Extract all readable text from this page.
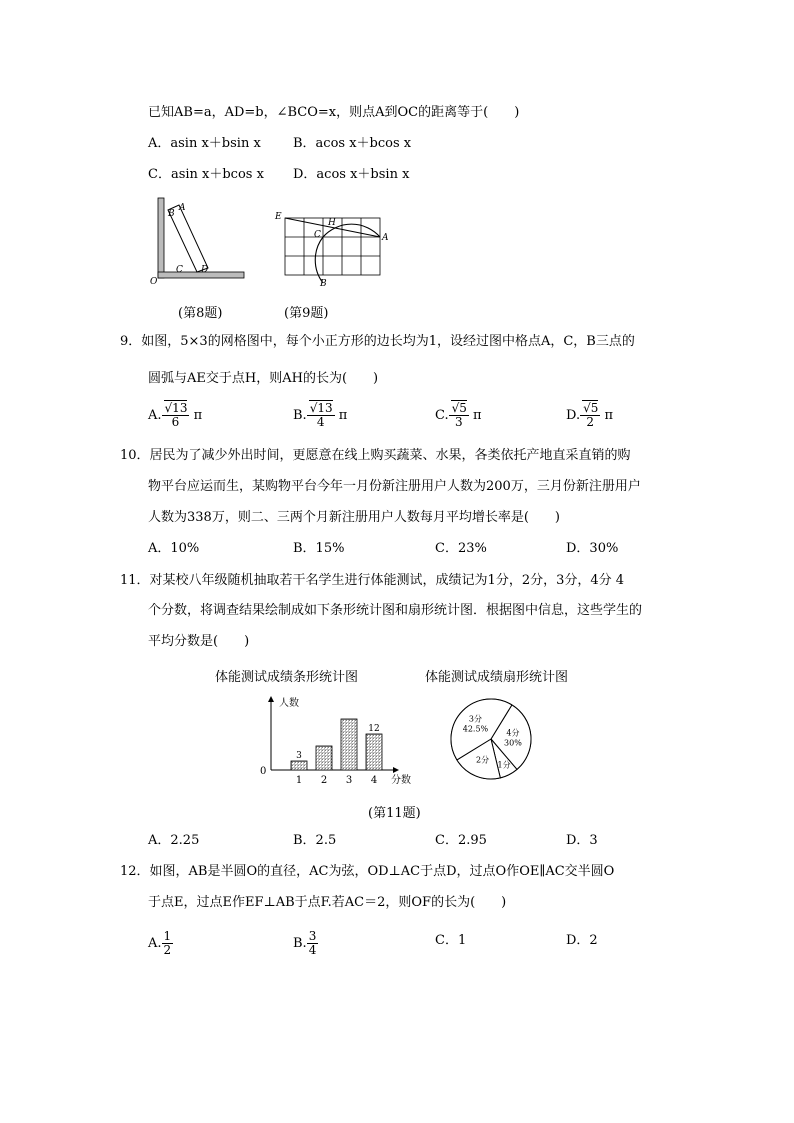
已知AB=a，AD=b，∠BCO=x，则点A到OC的距离等于(　　)
A．asin x＋bsin x B．acos x＋bcos x
C．asin x＋bcos x D．acos x＋bsin x
B
A
O
C D
E
H
C	A
B
(第8题)	(第9题)
9．如图，5×3的网格图中，每个小正方形的边长均为1，设经过图中格点A，C，B三点的
圆弧与AE交于点H，则AH的长为(　　)
A. $\frac{√13}{6}$ π	B. $\frac{√13}{4}$ π	C. $\frac{√5}{3}$ π	D. $\frac{√5}{2}$ π
10．居民为了减少外出时间，更愿意在线上购买蔬菜、水果，各类依托产地直采直销的购
物平台应运而生，某购物平台今年一月份新注册用户人数为200万，三月份新注册用户
人数为338万，则二、三两个月新注册用户人数每月平均增长率是(　　)
A．10%	B．15%	C．23%	D．30%
11．对某校八年级随机抽取若干名学生进行体能测试，成绩记为1分，2分，3分，4分 4
个分数，将调查结果绘制成如下条形统计图和扇形统计图．根据图中信息，这些学生的
平均分数是(　　)
体能测试成绩条形统计图	体能测试成绩扇形统计图
人数
分数
0
1
3
2 3 4
12	4分
30%
1分
2分
3分
42.5%
(第11题)
A．2.25	B．2.5	C．2.95	D．3
12．如图，AB是半圆O的直径，AC为弦，OD⊥AC于点D，过点O作OE∥AC交半圆O
于点E，过点E作EF⊥AB于点F.若AC＝2，则OF的长为(　　)
A. $\frac{1}{2}$	B. $\frac{3}{4}$	C．1	D．2
